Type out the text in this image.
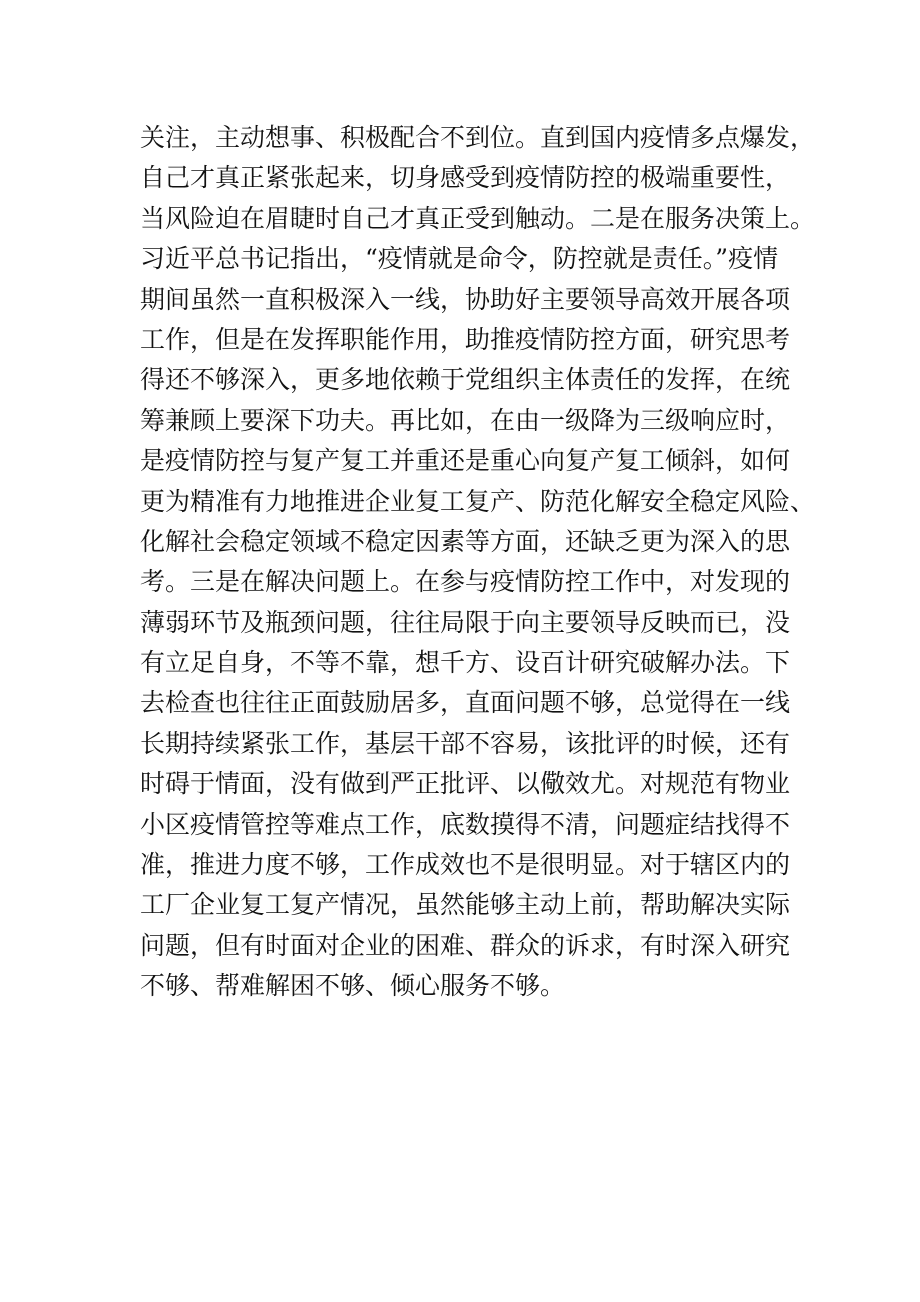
关注，主动想事、积极配合不到位。直到国内疫情多点爆发，
自己才真正紧张起来，切身感受到疫情防控的极端重要性，
当风险迫在眉睫时自己才真正受到触动。二是在服务决策上。
习近平总书记指出，“疫情就是命令，防控就是责任。”疫情
期间虽然一直积极深入一线，协助好主要领导高效开展各项
工作，但是在发挥职能作用，助推疫情防控方面，研究思考
得还不够深入，更多地依赖于党组织主体责任的发挥，在统
筹兼顾上要深下功夫。再比如，在由一级降为三级响应时，
是疫情防控与复产复工并重还是重心向复产复工倾斜，如何
更为精准有力地推进企业复工复产、防范化解安全稳定风险、
化解社会稳定领域不稳定因素等方面，还缺乏更为深入的思
考。三是在解决问题上。在参与疫情防控工作中，对发现的
薄弱环节及瓶颈问题，往往局限于向主要领导反映而已，没
有立足自身，不等不靠，想千方、设百计研究破解办法。下
去检查也往往正面鼓励居多，直面问题不够，总觉得在一线
长期持续紧张工作，基层干部不容易，该批评的时候，还有
时碍于情面，没有做到严正批评、以儆效尤。对规范有物业
小区疫情管控等难点工作，底数摸得不清，问题症结找得不
准，推进力度不够，工作成效也不是很明显。对于辖区内的
工厂企业复工复产情况，虽然能够主动上前，帮助解决实际
问题，但有时面对企业的困难、群众的诉求，有时深入研究
不够、帮难解困不够、倾心服务不够。
